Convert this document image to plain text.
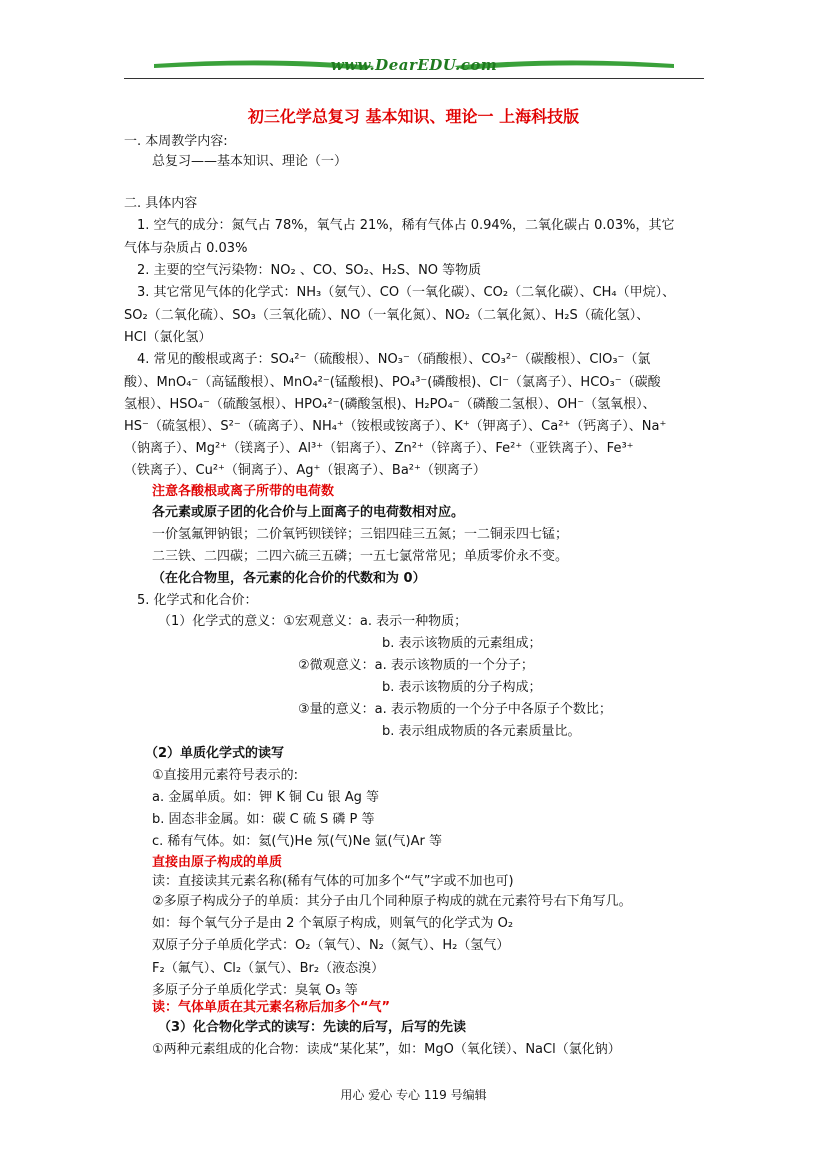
www.DearEDU.com
初三化学总复习 基本知识、理论一 上海科技版
一. 本周教学内容:
总复习——基本知识、理论（一）
二. 具体内容
1. 空气的成分：氮气占 78%，氧气占 21%，稀有气体占 0.94%，二氧化碳占 0.03%，其它
气体与杂质占 0.03%
2. 主要的空气污染物：NO₂ 、CO、SO₂、H₂S、NO 等物质
3. 其它常见气体的化学式：NH₃（氨气）、CO（一氧化碳）、CO₂（二氧化碳）、CH₄（甲烷）、
SO₂（二氧化硫）、SO₃（三氧化硫）、NO（一氧化氮）、NO₂（二氧化氮）、H₂S（硫化氢）、
HCl（氯化氢）
4. 常见的酸根或离子：SO₄²⁻（硫酸根）、NO₃⁻（硝酸根）、CO₃²⁻（碳酸根）、ClO₃⁻（氯
酸）、MnO₄⁻（高锰酸根）、MnO₄²⁻(锰酸根)、PO₄³⁻(磷酸根)、Cl⁻（氯离子）、HCO₃⁻（碳酸
氢根）、HSO₄⁻（硫酸氢根）、HPO₄²⁻(磷酸氢根)、H₂PO₄⁻（磷酸二氢根）、OH⁻（氢氧根）、
HS⁻（硫氢根）、S²⁻（硫离子）、NH₄⁺（铵根或铵离子）、K⁺（钾离子）、Ca²⁺（钙离子）、Na⁺
（钠离子）、Mg²⁺（镁离子）、Al³⁺（铝离子）、Zn²⁺（锌离子）、Fe²⁺（亚铁离子）、Fe³⁺
（铁离子）、Cu²⁺（铜离子）、Ag⁺（银离子）、Ba²⁺（钡离子）
注意各酸根或离子所带的电荷数
各元素或原子团的化合价与上面离子的电荷数相对应。
一价氢氟钾钠银；二价氧钙钡镁锌；三铝四硅三五氮；一二铜汞四七锰；
二三铁、二四碳；二四六硫三五磷；一五七氯常常见；单质零价永不变。
（在化合物里，各元素的化合价的代数和为 0）
5. 化学式和化合价：
（1）化学式的意义：①宏观意义：a. 表示一种物质；
b. 表示该物质的元素组成；
②微观意义：a. 表示该物质的一个分子；
b. 表示该物质的分子构成；
③量的意义：a. 表示物质的一个分子中各原子个数比；
b. 表示组成物质的各元素质量比。
（2）单质化学式的读写
①直接用元素符号表示的:
a. 金属单质。如：钾 K 铜 Cu 银 Ag 等
b. 固态非金属。如：碳 C 硫 S 磷 P 等
c. 稀有气体。如：氦(气)He 氖(气)Ne 氩(气)Ar 等
直接由原子构成的单质
读：直接读其元素名称(稀有气体的可加多个“气”字或不加也可)
②多原子构成分子的单质：其分子由几个同种原子构成的就在元素符号右下角写几。
如：每个氧气分子是由 2 个氧原子构成，则氧气的化学式为 O₂
双原子分子单质化学式：O₂（氧气）、N₂（氮气）、H₂（氢气）
F₂（氟气）、Cl₂（氯气）、Br₂（液态溴）
多原子分子单质化学式：臭氧 O₃ 等
读：气体单质在其元素名称后加多个“气”
（3）化合物化学式的读写：先读的后写，后写的先读
①两种元素组成的化合物：读成“某化某”，如：MgO（氧化镁）、NaCl（氯化钠）
用心 爱心 专心 119 号编辑
